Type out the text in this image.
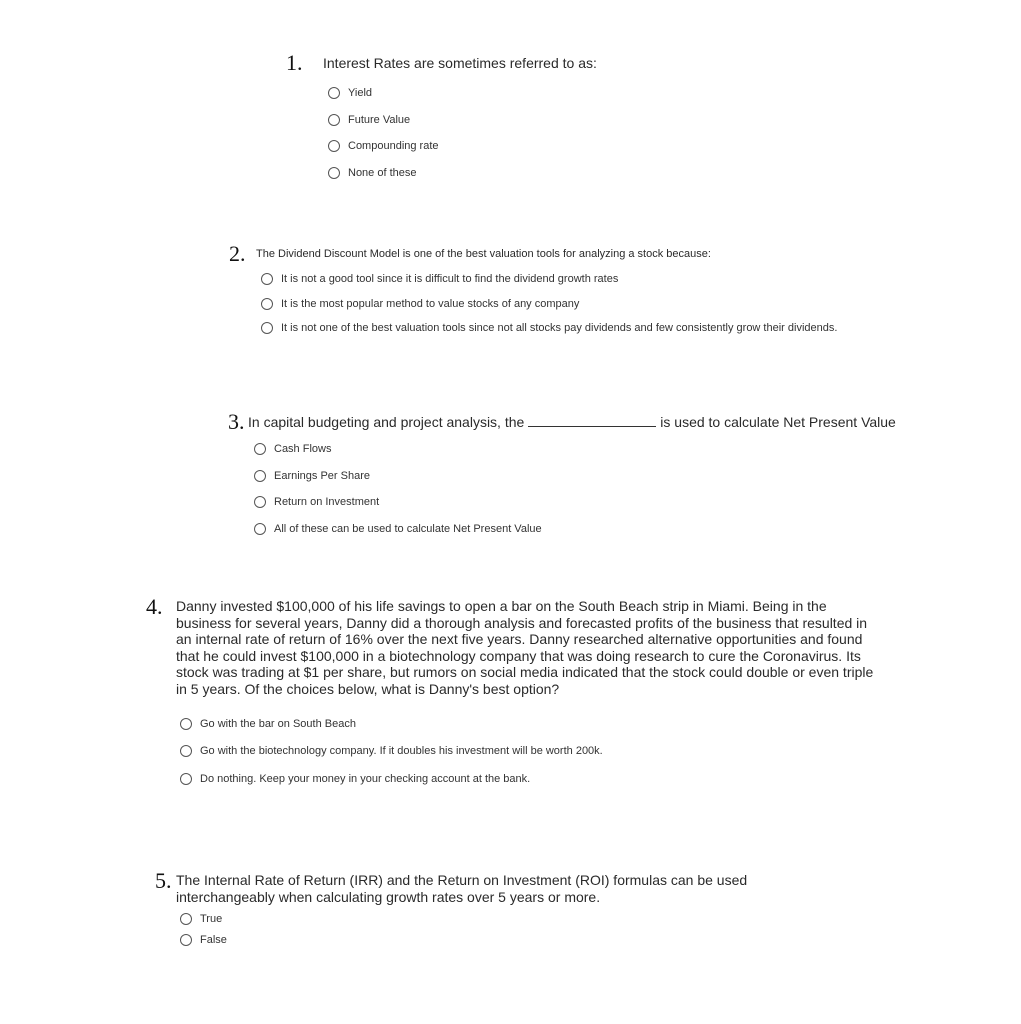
1.	Interest Rates are sometimes referred to as:
Yield
Future Value
Compounding rate
None of these
2. The Dividend Discount Model is one of the best valuation tools for analyzing a stock because:
It is not a good tool since it is difficult to find the dividend growth rates
It is the most popular method to value stocks of any company
It is not one of the best valuation tools since not all stocks pay dividends and few consistently grow their dividends.
3. In capital budgeting and project analysis, the	is used to calculate Net Present Value
Cash Flows
Earnings Per Share
Return on Investment
All of these can be used to calculate Net Present Value
4. Danny invested $100,000 of his life savings to open a bar on the South Beach strip in Miami. Being in the business for several years, Danny did a thorough analysis and forecasted profits of the business that resulted in an internal rate of return of 16% over the next five years. Danny researched alternative opportunities and found that he could invest $100,000 in a biotechnology company that was doing research to cure the Coronavirus. Its stock was trading at $1 per share, but rumors on social media indicated that the stock could double or even triple in 5 years. Of the choices below, what is Danny's best option?
Go with the bar on South Beach
Go with the biotechnology company. If it doubles his investment will be worth 200k.
Do nothing. Keep your money in your checking account at the bank.
5. The Internal Rate of Return (IRR) and the Return on Investment (ROI) formulas can be used interchangeably when calculating growth rates over 5 years or more.
True
False
